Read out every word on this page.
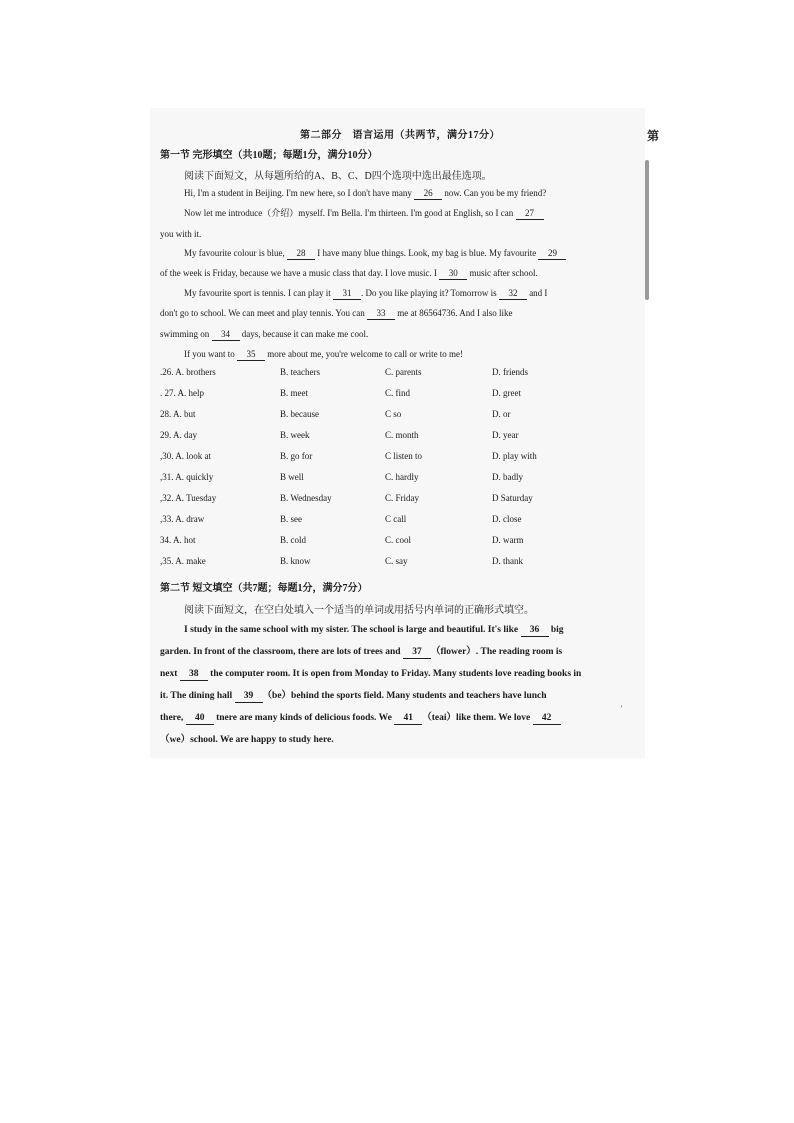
第
第二部分　语言运用（共两节，满分17分）
第一节 完形填空（共10题；每题1分，满分10分）
阅读下面短文，从每题所给的A、B、C、D四个选项中选出最佳选项。
Hi, I'm a student in Beijing. I'm new here, so I don't have many 26 now. Can you be my friend?
Now let me introduce（介绍）myself. I'm Bella. I'm thirteen. I'm good at English, so I can 27
you with it.
My favourite colour is blue, 28 I have many blue things. Look, my bag is blue. My favourite 29
of the week is Friday, because we have a music class that day. I love music. I 30 music after school.
My favourite sport is tennis. I can play it 31 . Do you like playing it? Tomorrow is 32 and I
don't go to school. We can meet and play tennis. You can 33 me at 86564736. And I also like
swimming on 34 days, because it can make me cool.
If you want to 35 more about me, you're welcome to call or write to me!
.26. A. brothers	B. teachers	C. parents	D. friends
. 27. A. help	B. meet	C. find	D. greet
28. A. but	B. because	C so	D. or
29. A. day	B. week	C. month	D. year
,30. A. look at	B. go for	C listen to	D. play with
,31. A. quickly	B well	C. hardly	D. badly
,32. A. Tuesday	B. Wednesday	C. Friday	D Saturday
,33. A. draw	B. see	C call	D. close
34. A. hot	B. cold	C. cool	D. warm
,35. A. make	B. know	C. say	D. thank
第二节 短文填空（共7题；每题1分，满分7分）
阅读下面短文，在空白处填入一个适当的单词或用括号内单词的正确形式填空。
I study in the same school with my sister. The school is large and beautiful. It's like 36 big
garden. In front of the classroom, there are lots of trees and 37 （flower）. The reading room is
next 38 the computer room. It is open from Monday to Friday. Many students love reading books in
it. The dining hall 39 （be）behind the sports field. Many students and teachers have lunch
there, 40 tnere are many kinds of delicious foods. We 41 （teai）like them. We love 42
（we）school. We are happy to study here.
'
